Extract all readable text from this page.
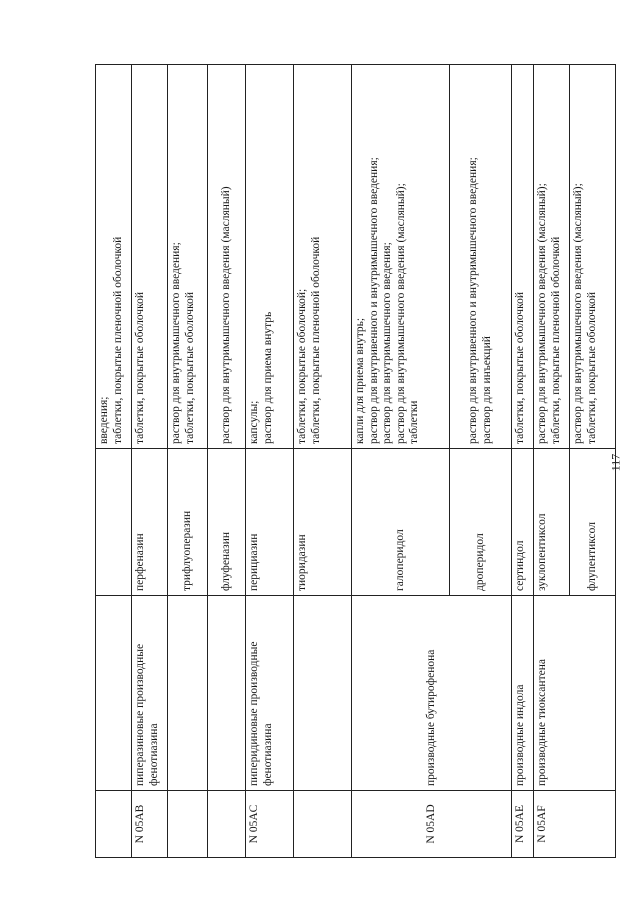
			введения; таблетки, покрытые пленочной оболочкой

N 05AB	пиперазиновые производные фенотиазина	перфеназин	таблетки, покрытые оболочкой

		трифлуоперазин	раствор для внутримышечного введения; таблетки, покрытые оболочкой

		флуфеназин	раствор для внутримышечного введения (масляный)

N 05AC	пиперидиновые производные фенотиазина	перициазин	капсулы; раствор для приема внутрь

		тиоридазин	таблетки, покрытые оболочкой; таблетки, покрытые пленочной оболочкой

N 05AD	производные бутирофенона	галоперидол	капли для приема внутрь; раствор для внутривенного и внутримышечного введения; раствор для внутримышечного введения; раствор для внутримышечного введения (масляный); таблетки

		дроперидол	раствор для внутривенного и внутримышечного введения; раствор для инъекций

N 05AE	производные индола	сертиндол	таблетки, покрытые оболочкой

N 05AF	производные тиоксантена	зуклопентиксол	раствор для внутримышечного введения (масляный); таблетки, покрытые пленочной оболочкой

		флупентиксол	раствор для внутримышечного введения (масляный); таблетки, покрытые оболочкой
117
